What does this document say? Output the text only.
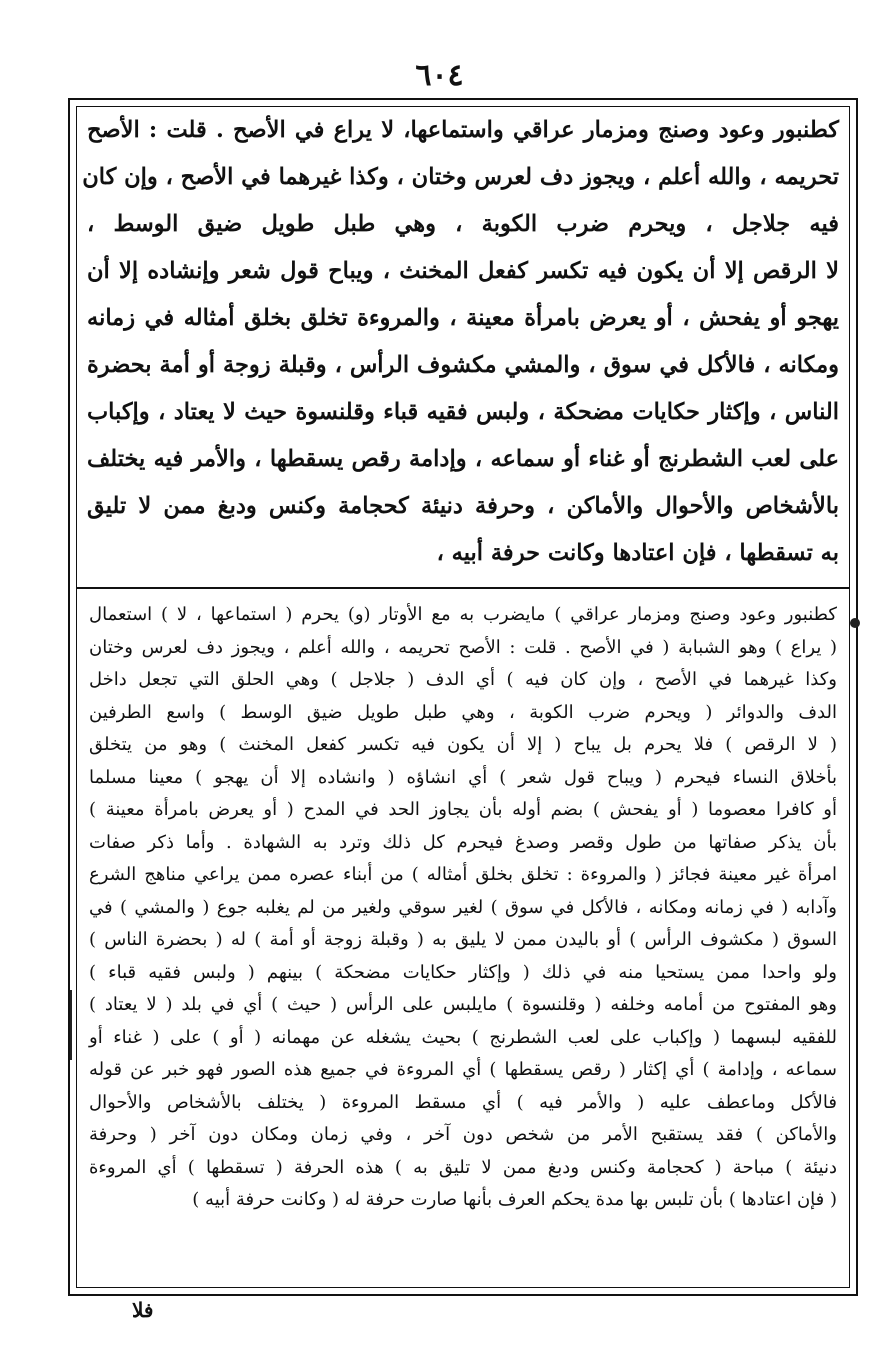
٦٠٤
كطنبور وعود وصنج ومزمار عراقي واستماعها، لا يراع في الأصح . قلت : الأصح
تحريمه ، والله أعلم ، ويجوز دف لعرس وختان ، وكذا غيرهما في الأصح ، وإن كان
فيه جلاجل ، ويحرم ضرب الكوبة ، وهي طبل طويل ضيق الوسط ،
لا الرقص إلا أن يكون فيه تكسر كفعل المخنث ، ويباح قول شعر وإنشاده إلا أن
يهجو أو يفحش ، أو يعرض بامرأة معينة ، والمروءة تخلق بخلق أمثاله في زمانه
ومكانه ، فالأكل في سوق ، والمشي مكشوف الرأس ، وقبلة زوجة أو أمة بحضرة
الناس ، وإكثار حكايات مضحكة ، ولبس فقيه قباء وقلنسوة حيث لا يعتاد ، وإكباب
على لعب الشطرنج أو غناء أو سماعه ، وإدامة رقص يسقطها ، والأمر فيه يختلف
بالأشخاص والأحوال والأماكن ، وحرفة دنيئة كحجامة وكنس ودبغ ممن لا تليق
به تسقطها ، فإن اعتادها وكانت حرفة أبيه ،
كطنبور وعود وصنج ومزمار عراقي ) مايضرب به مع الأوتار (و) يحرم ( استماعها ، لا ) استعمال
( يراع ) وهو الشبابة ( في الأصح . قلت : الأصح تحريمه ، والله أعلم ، ويجوز دف لعرس وختان
وكذا غيرهما في الأصح ، وإن كان فيه ) أي الدف ( جلاجل ) وهي الحلق التي تجعل داخل
الدف والدوائر ( ويحرم ضرب الكوبة ، وهي طبل طويل ضيق الوسط ) واسع الطرفين
( لا الرقص ) فلا يحرم بل يباح ( إلا أن يكون فيه تكسر كفعل المخنث ) وهو من يتخلق
بأخلاق النساء فيحرم ( ويباح قول شعر ) أي انشاؤه ( وانشاده إلا أن يهجو ) معينا مسلما
أو كافرا معصوما ( أو يفحش ) بضم أوله بأن يجاوز الحد في المدح ( أو يعرض بامرأة معينة )
بأن يذكر صفاتها من طول وقصر وصدغ فيحرم كل ذلك وترد به الشهادة . وأما ذكر صفات
امرأة غير معينة فجائز ( والمروءة : تخلق بخلق أمثاله ) من أبناء عصره ممن يراعي مناهج الشرع
وآدابه ( في زمانه ومكانه ، فالأكل في سوق ) لغير سوقي ولغير من لم يغلبه جوع ( والمشي ) في
السوق ( مكشوف الرأس ) أو باليدن ممن لا يليق به ( وقبلة زوجة أو أمة ) له ( بحضرة الناس )
ولو واحدا ممن يستحيا منه في ذلك ( وإكثار حكايات مضحكة ) بينهم ( ولبس فقيه قباء )
وهو المفتوح من أمامه وخلفه ( وقلنسوة ) مايلبس على الرأس ( حيث ) أي في بلد ( لا يعتاد )
للفقيه لبسهما ( وإكباب على لعب الشطرنج ) بحيث يشغله عن مهمانه ( أو ) على ( غناء أو
سماعه ، وإدامة ) أي إكثار ( رقص يسقطها ) أي المروءة في جميع هذه الصور فهو خبر عن قوله
فالأكل وماعطف عليه ( والأمر فيه ) أي مسقط المروءة ( يختلف بالأشخاص والأحوال
والأماكن ) فقد يستقبح الأمر من شخص دون آخر ، وفي زمان ومكان دون آخر ( وحرفة
دنيئة ) مباحة ( كحجامة وكنس ودبغ ممن لا تليق به ) هذه الحرفة ( تسقطها ) أي المروءة
( فإن اعتادها ) بأن تلبس بها مدة يحكم العرف بأنها صارت حرفة له ( وكانت حرفة أبيه )
فلا
